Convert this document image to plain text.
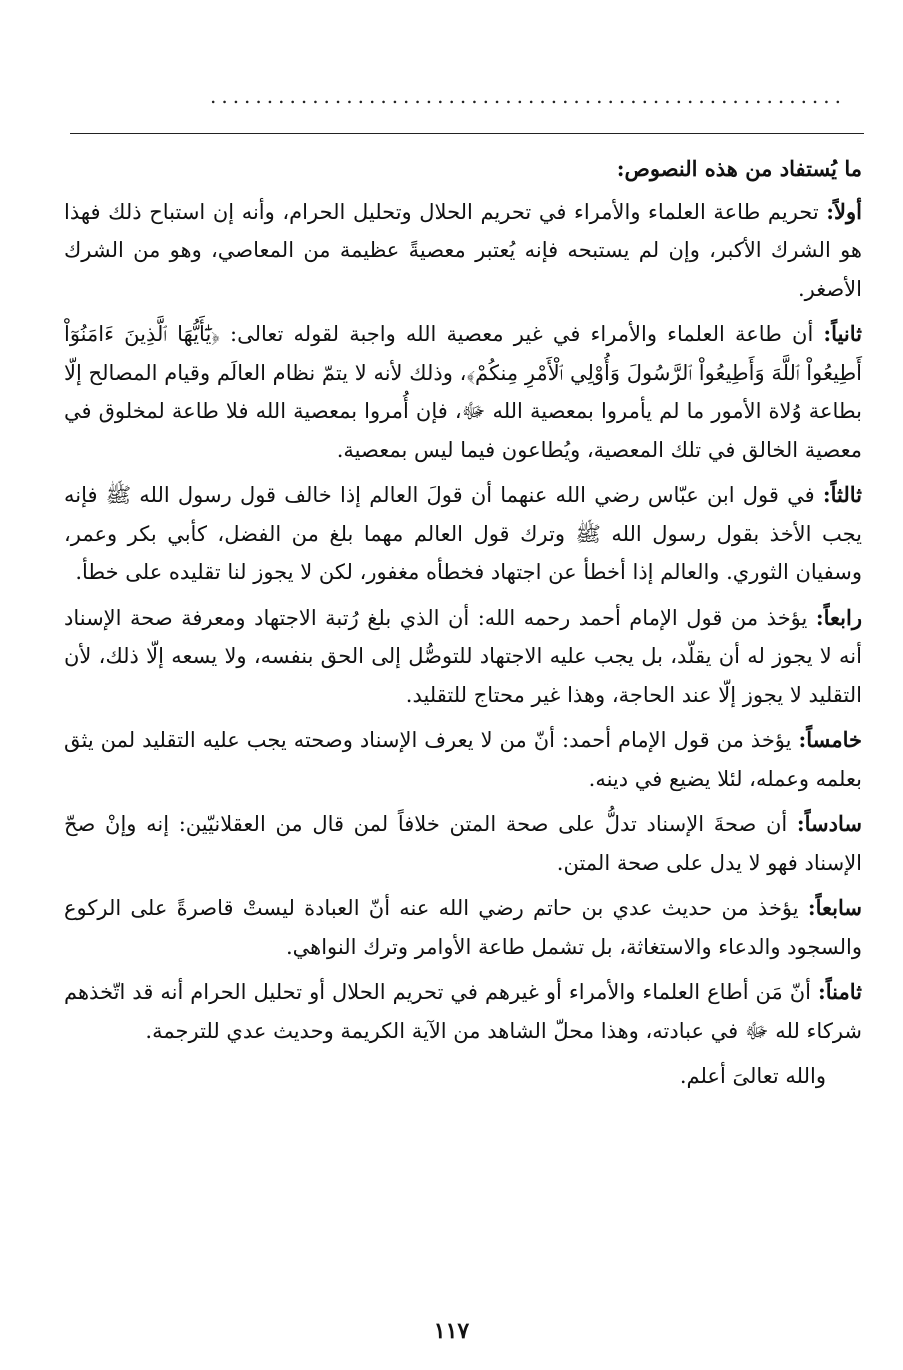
........................................................

ما يُستفاد من هذه النصوص:

أولاً: تحريم طاعة العلماء والأمراء في تحريم الحلال وتحليل الحرام، وأنه إن استباح ذلك فهذا هو الشرك الأكبر، وإن لم يستبحه فإنه يُعتبر معصيةً عظيمة من المعاصي، وهو من الشرك الأصغر.

ثانياً: أن طاعة العلماء والأمراء في غير معصية الله واجبة لقوله تعالى: ﴿يَٰٓأَيُّهَا ٱلَّذِينَ ءَامَنُوٓاْ أَطِيعُواْ ٱللَّهَ وَأَطِيعُواْ ٱلرَّسُولَ وَأُوْلِي ٱلْأَمْرِ مِنكُمْ﴾، وذلك لأنه لا يتمّ نظام العالَم وقيام المصالح إلّا بطاعة وُلاة الأمور ما لم يأمروا بمعصية الله ﷻ، فإن أُمروا بمعصية الله فلا طاعة لمخلوق في معصية الخالق في تلك المعصية، ويُطاعون فيما ليس بمعصية.

ثالثاً: في قول ابن عبّاس رضي الله عنهما أن قولَ العالم إذا خالف قول رسول الله ﷺ فإنه يجب الأخذ بقول رسول الله ﷺ وترك قول العالم مهما بلغ من الفضل، كأبي بكر وعمر، وسفيان الثوري. والعالم إذا أخطأ عن اجتهاد فخطأه مغفور، لكن لا يجوز لنا تقليده على خطأ.

رابعاً: يؤخذ من قول الإمام أحمد رحمه الله: أن الذي بلغ رُتبة الاجتهاد ومعرفة صحة الإسناد أنه لا يجوز له أن يقلّد، بل يجب عليه الاجتهاد للتوصُّل إلى الحق بنفسه، ولا يسعه إلّا ذلك، لأن التقليد لا يجوز إلّا عند الحاجة، وهذا غير محتاج للتقليد.

خامساً: يؤخذ من قول الإمام أحمد: أنّ من لا يعرف الإسناد وصحته يجب عليه التقليد لمن يثق بعلمه وعمله، لئلا يضيع في دينه.

سادساً: أن صحةَ الإسناد تدلُّ على صحة المتن خلافاً لمن قال من العقلانيّين: إنه وإنْ صحّ الإسناد فهو لا يدل على صحة المتن.

سابعاً: يؤخذ من حديث عدي بن حاتم رضي الله عنه أنّ العبادة ليستْ قاصرةً على الركوع والسجود والدعاء والاستغاثة، بل تشمل طاعة الأوامر وترك النواهي.

ثامناً: أنّ مَن أطاع العلماء والأمراء أو غيرهم في تحريم الحلال أو تحليل الحرام أنه قد اتّخذهم شركاء لله ﷻ في عبادته، وهذا محلّ الشاهد من الآية الكريمة وحديث عدي للترجمة.

والله تعالىَ أعلم.

١١٧
